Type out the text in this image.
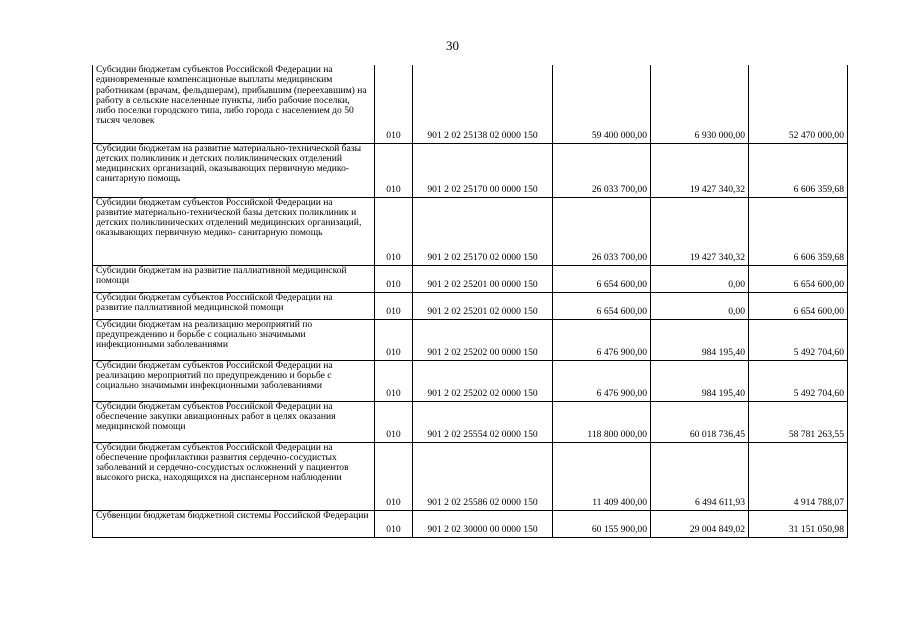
30
Субсидии бюджетам субъектов Российской Федерации на единовременные компенсационые выплаты медицинским работникам (врачам, фельдшерам), прибывшим (переехавшим) на работу в сельские населенные пункты, либо рабочие поселки, либо поселки городского типа, либо города с населением до 50 тысяч человек	010	901 2 02 25138 02 0000 150	59 400 000,00	6 930 000,00	52 470 000,00
Субсидии бюджетам на развитие материально-технической базы детских поликлиник и детских поликлинических отделений медицинских организаций, оказывающих первичную медико- санитарную помощь	010	901 2 02 25170 00 0000 150	26 033 700,00	19 427 340,32	6 606 359,68
Субсидии бюджетам субъектов Российской Федерации на развитие материально-технической базы детских поликлиник и детских поликлинических отделений медицинских организаций, оказывающих первичную медико- санитарную помощь	010	901 2 02 25170 02 0000 150	26 033 700,00	19 427 340,32	6 606 359,68
Субсидии бюджетам на развитие паллиативной медицинской помощи	010	901 2 02 25201 00 0000 150	6 654 600,00	0,00	6 654 600,00
Субсидии бюджетам субъектов Российской Федерации на развитие паллиативной медицинской помощи	010	901 2 02 25201 02 0000 150	6 654 600,00	0,00	6 654 600,00
Субсидии бюджетам на реализацию мероприятий по предупреждению и борьбе с социально значимыми инфекционными заболеваниями	010	901 2 02 25202 00 0000 150	6 476 900,00	984 195,40	5 492 704,60
Субсидии бюджетам субъектов Российской Федерации на реализацию мероприятий по предупреждению и борьбе с социально значимыми инфекционными заболеваниями	010	901 2 02 25202 02 0000 150	6 476 900,00	984 195,40	5 492 704,60
Субсидии бюджетам субъектов Российской Федерации на обеспечение закупки авиационных работ в целях оказания медицинской помощи	010	901 2 02 25554 02 0000 150	118 800 000,00	60 018 736,45	58 781 263,55
Субсидии бюджетам субъектов Российской Федерации на обеспечение профилактики развития сердечно-сосудистых заболеваний и сердечно-сосудистых осложнений у пациентов высокого риска, находящихся на диспансерном наблюдении	010	901 2 02 25586 02 0000 150	11 409 400,00	6 494 611,93	4 914 788,07
Субвенции бюджетам бюджетной системы Российской Федерации	010	901 2 02 30000 00 0000 150	60 155 900,00	29 004 849,02	31 151 050,98
